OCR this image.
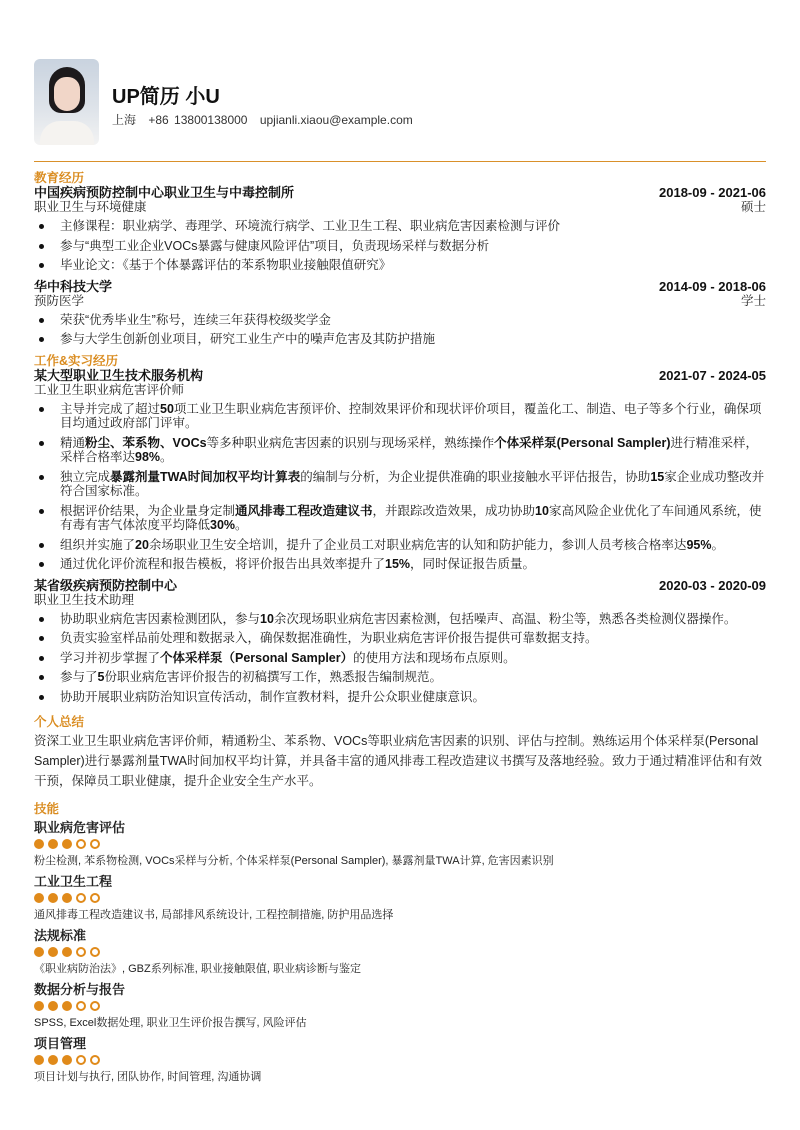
UP简历 小U
上海 +86 13800138000 upjianli.xiaou@example.com
教育经历
中国疾病预防控制中心职业卫生与中毒控制所	2018-09 - 2021-06
职业卫生与环境健康	硕士
主修课程：职业病学、毒理学、环境流行病学、工业卫生工程、职业病危害因素检测与评价
参与“典型工业企业VOCs暴露与健康风险评估”项目，负责现场采样与数据分析
毕业论文：《基于个体暴露评估的苯系物职业接触限值研究》
华中科技大学	2014-09 - 2018-06
预防医学	学士
荣获“优秀毕业生”称号，连续三年获得校级奖学金
参与大学生创新创业项目，研究工业生产中的噪声危害及其防护措施
工作&实习经历
某大型职业卫生技术服务机构	2021-07 - 2024-05
工业卫生职业病危害评价师
主导并完成了超过50项工业卫生职业病危害预评价、控制效果评价和现状评价项目，覆盖化工、制造、电子等多个行业，确保项目均通过政府部门评审。
精通粉尘、苯系物、VOCs等多种职业病危害因素的识别与现场采样，熟练操作个体采样泵(Personal Sampler)进行精准采样，采样合格率达98%。
独立完成暴露剂量TWA时间加权平均计算表的编制与分析，为企业提供准确的职业接触水平评估报告，协助15家企业成功整改并符合国家标准。
根据评价结果，为企业量身定制通风排毒工程改造建议书，并跟踪改造效果，成功协助10家高风险企业优化了车间通风系统，使有毒有害气体浓度平均降低30%。
组织并实施了20余场职业卫生安全培训，提升了企业员工对职业病危害的认知和防护能力，参训人员考核合格率达95%。
通过优化评价流程和报告模板，将评价报告出具效率提升了15%，同时保证报告质量。
某省级疾病预防控制中心	2020-03 - 2020-09
职业卫生技术助理
协助职业病危害因素检测团队，参与10余次现场职业病危害因素检测，包括噪声、高温、粉尘等，熟悉各类检测仪器操作。
负责实验室样品前处理和数据录入，确保数据准确性，为职业病危害评价报告提供可靠数据支持。
学习并初步掌握了个体采样泵（Personal Sampler）的使用方法和现场布点原则。
参与了5份职业病危害评价报告的初稿撰写工作，熟悉报告编制规范。
协助开展职业病防治知识宣传活动，制作宣教材料，提升公众职业健康意识。
个人总结
资深工业卫生职业病危害评价师，精通粉尘、苯系物、VOCs等职业病危害因素的识别、评估与控制。熟练运用个体采样泵(Personal Sampler)进行暴露剂量TWA时间加权平均计算，并具备丰富的通风排毒工程改造建议书撰写及落地经验。致力于通过精准评估和有效干预，保障员工职业健康，提升企业安全生产水平。
技能
职业病危害评估
粉尘检测, 苯系物检测, VOCs采样与分析, 个体采样泵(Personal Sampler), 暴露剂量TWA计算, 危害因素识别
工业卫生工程
通风排毒工程改造建议书, 局部排风系统设计, 工程控制措施, 防护用品选择
法规标准
《职业病防治法》, GBZ系列标准, 职业接触限值, 职业病诊断与鉴定
数据分析与报告
SPSS, Excel数据处理, 职业卫生评价报告撰写, 风险评估
项目管理
项目计划与执行, 团队协作, 时间管理, 沟通协调
